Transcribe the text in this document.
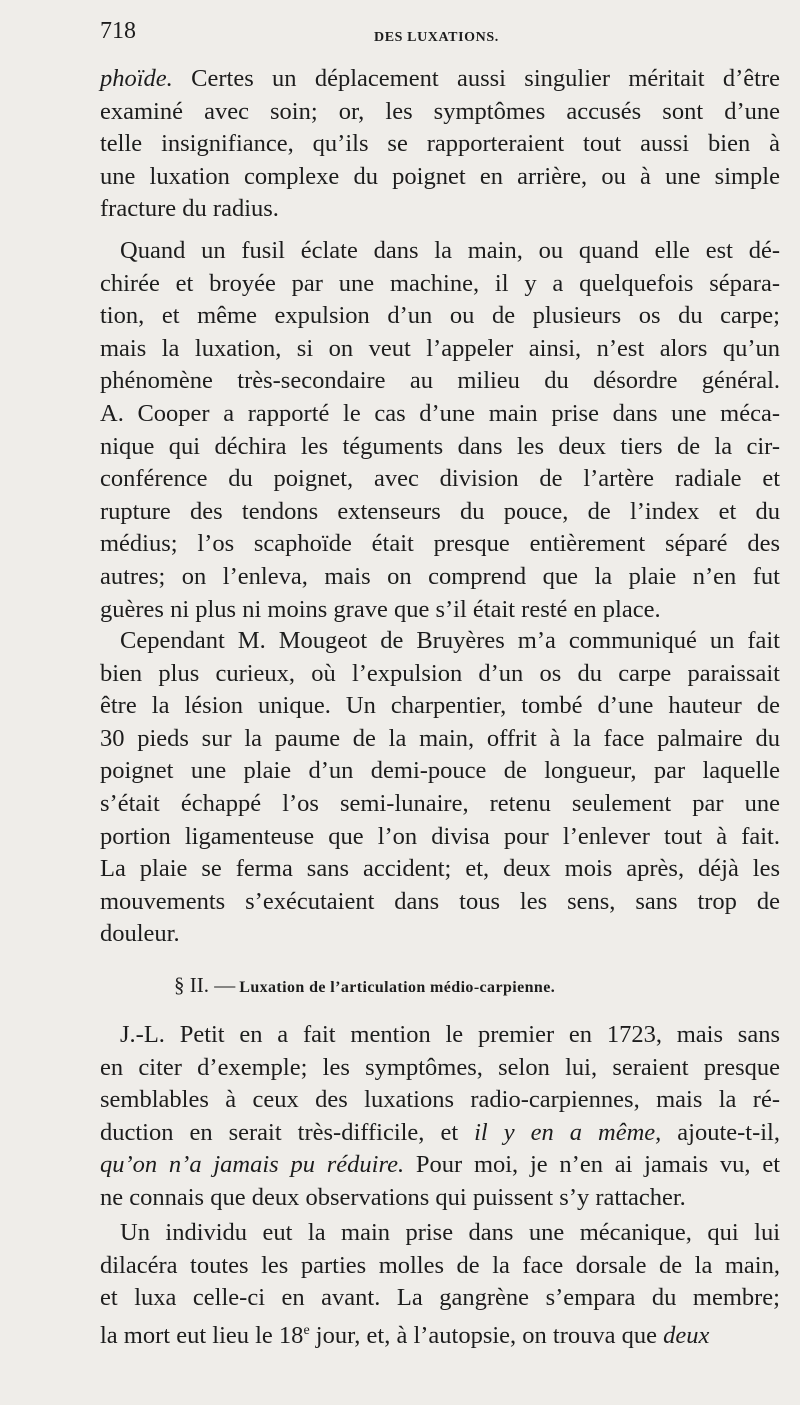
718	DES LUXATIONS.
phoïde. Certes un déplacement aussi singulier méritait d’être
examiné avec soin; or, les symptômes accusés sont d’une
telle insignifiance, qu’ils se rapporteraient tout aussi bien à
une luxation complexe du poignet en arrière, ou à une simple
fracture du radius.
Quand un fusil éclate dans la main, ou quand elle est dé-
chirée et broyée par une machine, il y a quelquefois sépara-
tion, et même expulsion d’un ou de plusieurs os du carpe;
mais la luxation, si on veut l’appeler ainsi, n’est alors qu’un
phénomène très-secondaire au milieu du désordre général.
A. Cooper a rapporté le cas d’une main prise dans une méca-
nique qui déchira les téguments dans les deux tiers de la cir-
conférence du poignet, avec division de l’artère radiale et
rupture des tendons extenseurs du pouce, de l’index et du
médius; l’os scaphoïde était presque entièrement séparé des
autres; on l’enleva, mais on comprend que la plaie n’en fut
guères ni plus ni moins grave que s’il était resté en place.
Cependant M. Mougeot de Bruyères m’a communiqué un fait
bien plus curieux, où l’expulsion d’un os du carpe paraissait
être la lésion unique. Un charpentier, tombé d’une hauteur de
30 pieds sur la paume de la main, offrit à la face palmaire du
poignet une plaie d’un demi-pouce de longueur, par laquelle
s’était échappé l’os semi-lunaire, retenu seulement par une
portion ligamenteuse que l’on divisa pour l’enlever tout à fait.
La plaie se ferma sans accident; et, deux mois après, déjà les
mouvements s’exécutaient dans tous les sens, sans trop de
douleur.
J.-L. Petit en a fait mention le premier en 1723, mais sans
en citer d’exemple; les symptômes, selon lui, seraient presque
semblables à ceux des luxations radio-carpiennes, mais la ré-
duction en serait très-difficile, et il y en a même, ajoute-t-il,
qu’on n’a jamais pu réduire. Pour moi, je n’en ai jamais vu, et
ne connais que deux observations qui puissent s’y rattacher.
Un individu eut la main prise dans une mécanique, qui lui
dilacéra toutes les parties molles de la face dorsale de la main,
et luxa celle-ci en avant. La gangrène s’empara du membre;
la mort eut lieu le 18e jour, et, à l’autopsie, on trouva que deux
§ II. — Luxation de l’articulation médio-carpienne.
